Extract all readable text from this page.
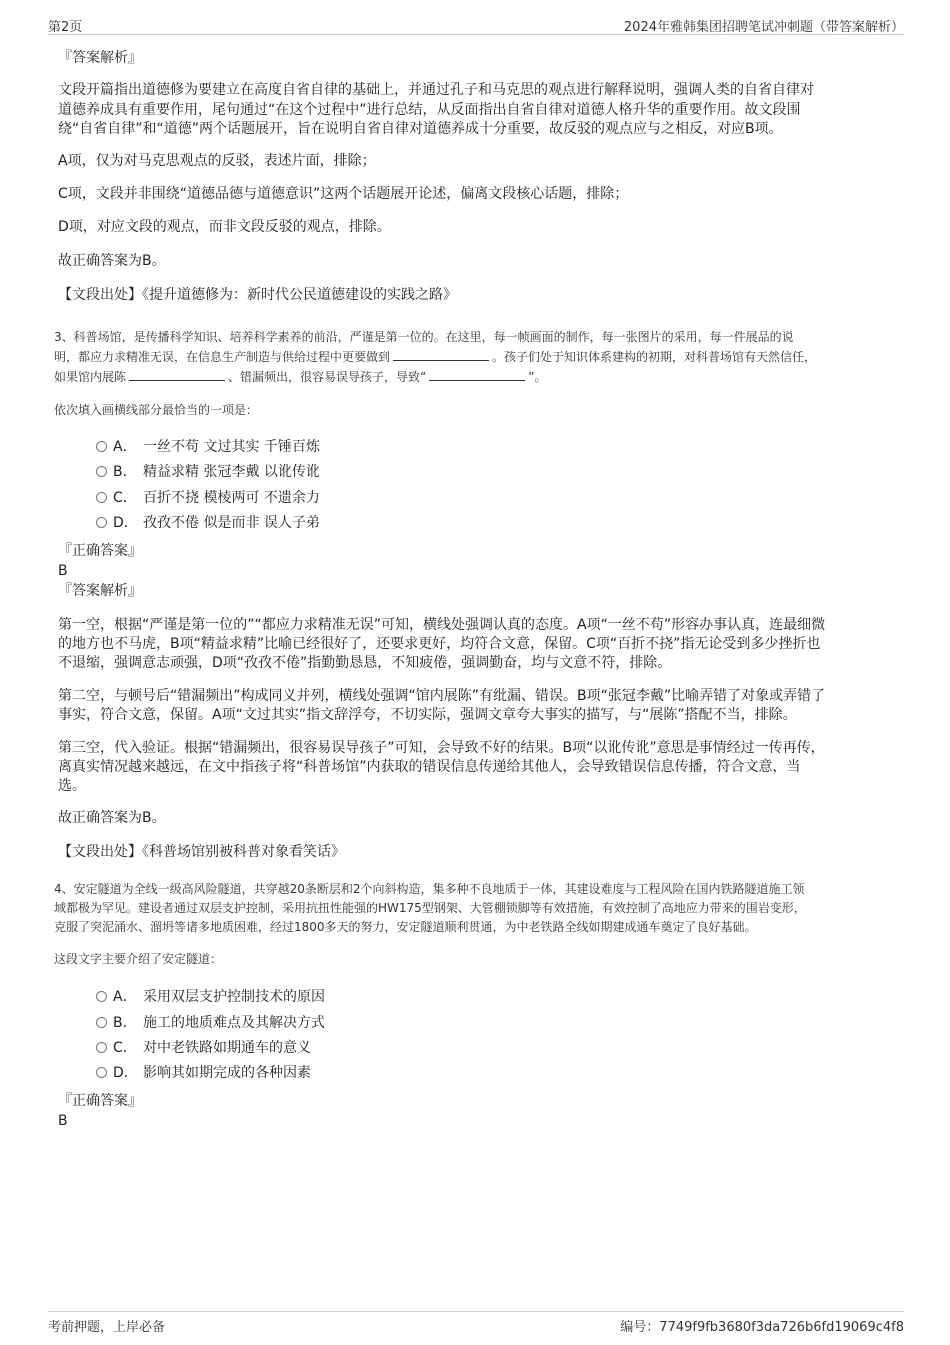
第2页	2024年雅韩集团招聘笔试冲刺题（带答案解析）
『答案解析』
文段开篇指出道德修为要建立在高度自省自律的基础上，并通过孔子和马克思的观点进行解释说明，强调人类的自省自律对
道德养成具有重要作用，尾句通过“在这个过程中”进行总结，从反面指出自省自律对道德人格升华的重要作用。故文段围
绕“自省自律”和“道德”两个话题展开，旨在说明自省自律对道德养成十分重要，故反驳的观点应与之相反，对应B项。
A项，仅为对马克思观点的反驳，表述片面，排除；
C项，文段并非围绕“道德品德与道德意识”这两个话题展开论述，偏离文段核心话题，排除；
D项，对应文段的观点，而非文段反驳的观点，排除。
故正确答案为B。
【文段出处】《提升道德修为：新时代公民道德建设的实践之路》
3、科普场馆，是传播科学知识、培养科学素养的前沿，严谨是第一位的。在这里，每一帧画面的制作，每一张图片的采用，每一件展品的说
明，都应力求精准无误，在信息生产制造与供给过程中更要做到	。孩子们处于知识体系建构的初期，对科普场馆有天然信任，
如果馆内展陈	、错漏频出，很容易误导孩子，导致“	”。
依次填入画横线部分最恰当的一项是：
A． 一丝不苟 文过其实 千锤百炼
B． 精益求精 张冠李戴 以讹传讹
C． 百折不挠 模棱两可 不遗余力
D． 孜孜不倦 似是而非 误人子弟
『正确答案』
B
『答案解析』
第一空，根据“严谨是第一位的”“都应力求精准无误”可知，横线处强调认真的态度。A项“一丝不苟”形容办事认真，连最细微
的地方也不马虎，B项“精益求精”比喻已经很好了，还要求更好，均符合文意，保留。C项“百折不挠”指无论受到多少挫折也
不退缩，强调意志顽强，D项“孜孜不倦”指勤勤恳恳，不知疲倦，强调勤奋，均与文意不符，排除。
第二空，与顿号后“错漏频出”构成同义并列，横线处强调“馆内展陈”有纰漏、错误。B项“张冠李戴”比喻弄错了对象或弄错了
事实，符合文意，保留。A项“文过其实”指文辞浮夸，不切实际，强调文章夸大事实的描写，与“展陈”搭配不当，排除。
第三空，代入验证。根据“错漏频出，很容易误导孩子”可知，会导致不好的结果。B项“以讹传讹”意思是事情经过一传再传，
离真实情况越来越远，在文中指孩子将“科普场馆”内获取的错误信息传递给其他人，会导致错误信息传播，符合文意，当
选。
故正确答案为B。
【文段出处】《科普场馆别被科普对象看笑话》
4、安定隧道为全线一级高风险隧道，共穿越20条断层和2个向斜构造，集多种不良地质于一体，其建设难度与工程风险在国内铁路隧道施工领
域都极为罕见。建设者通过双层支护控制，采用抗扭性能强的HW175型钢架、大管棚锁脚等有效措施，有效控制了高地应力带来的围岩变形，
克服了突泥涌水、溜坍等诸多地质困难，经过1800多天的努力，安定隧道顺利贯通，为中老铁路全线如期建成通车奠定了良好基础。
这段文字主要介绍了安定隧道：
A． 采用双层支护控制技术的原因
B． 施工的地质难点及其解决方式
C． 对中老铁路如期通车的意义
D． 影响其如期完成的各种因素
『正确答案』
B
考前押题，上岸必备	编号：7749f9fb3680f3da726b6fd19069c4f8
